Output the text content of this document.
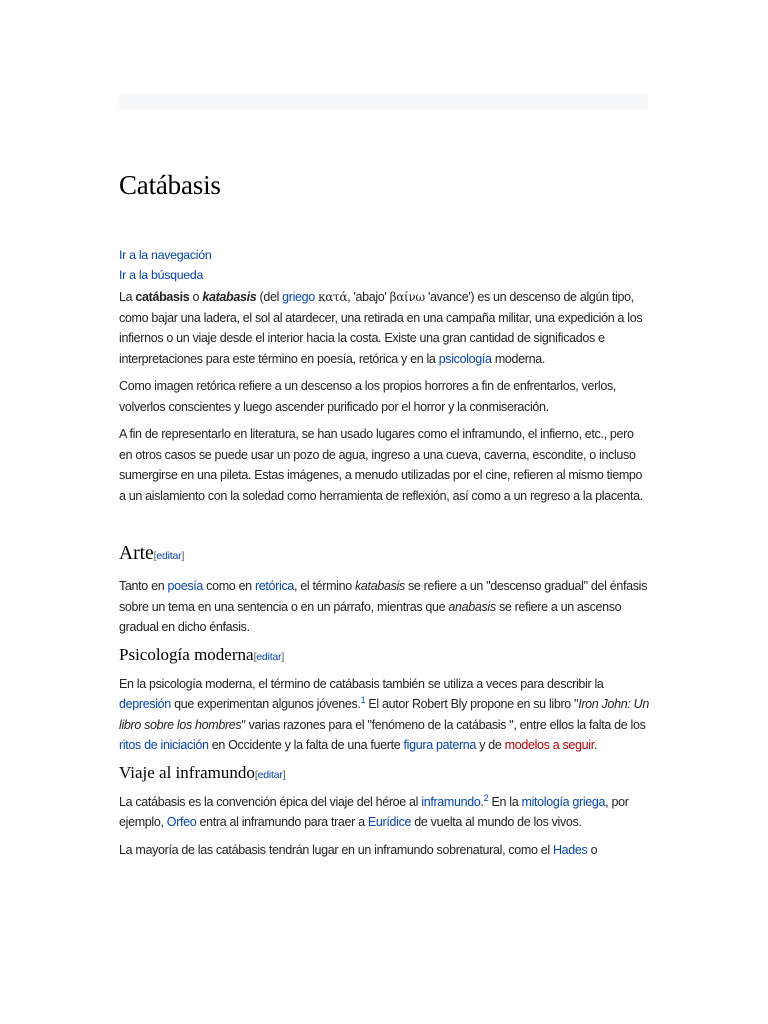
Catábasis
Ir a la navegación
Ir a la búsqueda

La catábasis o katabasis (del griego κατά, 'abajo' βαίνω 'avance') es un descenso de algún tipo, como bajar una ladera, el sol al atardecer, una retirada en una campaña militar, una expedición a los infiernos o un viaje desde el interior hacia la costa. Existe una gran cantidad de significados e interpretaciones para este término en poesía, retórica y en la psicología moderna.

Como imagen retórica refiere a un descenso a los propios horrores a fin de enfrentarlos, verlos, volverlos conscientes y luego ascender purificado por el horror y la conmiseración.

A fin de representarlo en literatura, se han usado lugares como el inframundo, el infierno, etc., pero en otros casos se puede usar un pozo de agua, ingreso a una cueva, caverna, escondite, o incluso sumergirse en una pileta. Estas imágenes, a menudo utilizadas por el cine, refieren al mismo tiempo a un aislamiento con la soledad como herramienta de reflexión, así como a un regreso a la placenta.

Arte[editar]

Tanto en poesía como en retórica, el término katabasis se refiere a un "descenso gradual" del énfasis sobre un tema en una sentencia o en un párrafo, mientras que anabasis se refiere a un ascenso gradual en dicho énfasis.

Psicología moderna[editar]

En la psicología moderna, el término de catábasis también se utiliza a veces para describir la depresión que experimentan algunos jóvenes.$^1$ El autor Robert Bly propone en su libro "Iron John: Un libro sobre los hombres" varias razones para el "fenómeno de la catábasis ", entre ellos la falta de los ritos de iniciación en Occidente y la falta de una fuerte figura paterna y de modelos a seguir.

Viaje al inframundo[editar]

La catábasis es la convención épica del viaje del héroe al inframundo.$^2$ En la mitología griega, por ejemplo, Orfeo entra al inframundo para traer a Eurídice de vuelta al mundo de los vivos.

La mayoría de las catábasis tendrán lugar en un inframundo sobrenatural, como el Hades o
